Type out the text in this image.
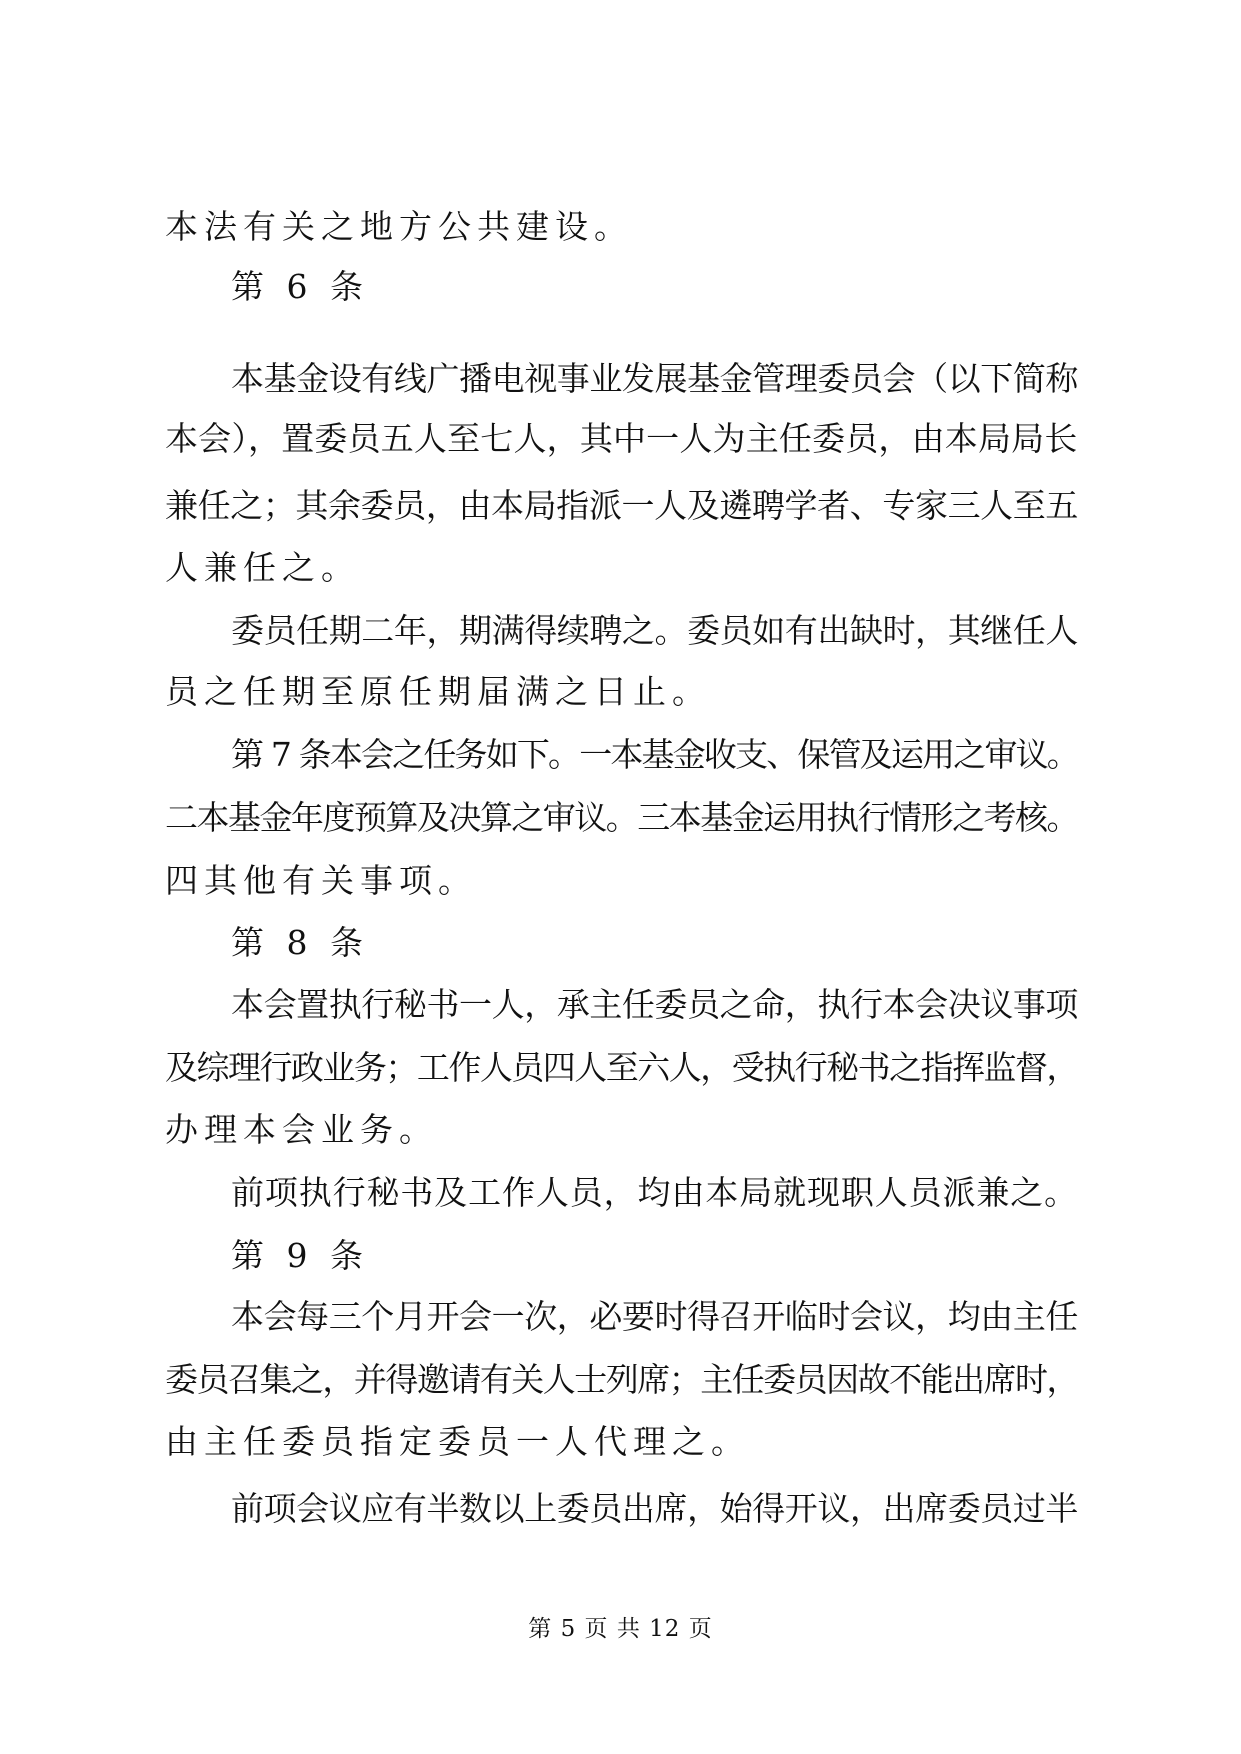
本法有关之地方公共建设。
第 6 条
本基金设有线广播电视事业发展基金管理委员会（以下简称
本会），置委员五人至七人，其中一人为主任委员，由本局局长
兼任之；其余委员，由本局指派一人及遴聘学者、专家三人至五
人兼任之。
委员任期二年，期满得续聘之。委员如有出缺时，其继任人
员之任期至原任期届满之日止。
第 7 条本会之任务如下。一本基金收支、保管及运用之审议。
二本基金年度预算及决算之审议。三本基金运用执行情形之考核。
四其他有关事项。
第 8 条
本会置执行秘书一人，承主任委员之命，执行本会决议事项
及综理行政业务；工作人员四人至六人，受执行秘书之指挥监督，
办理本会业务。
前项执行秘书及工作人员，均由本局就现职人员派兼之。
第 9 条
本会每三个月开会一次，必要时得召开临时会议，均由主任
委员召集之，并得邀请有关人士列席；主任委员因故不能出席时，
由主任委员指定委员一人代理之。
前项会议应有半数以上委员出席，始得开议，出席委员过半
第 5 页 共 12 页
